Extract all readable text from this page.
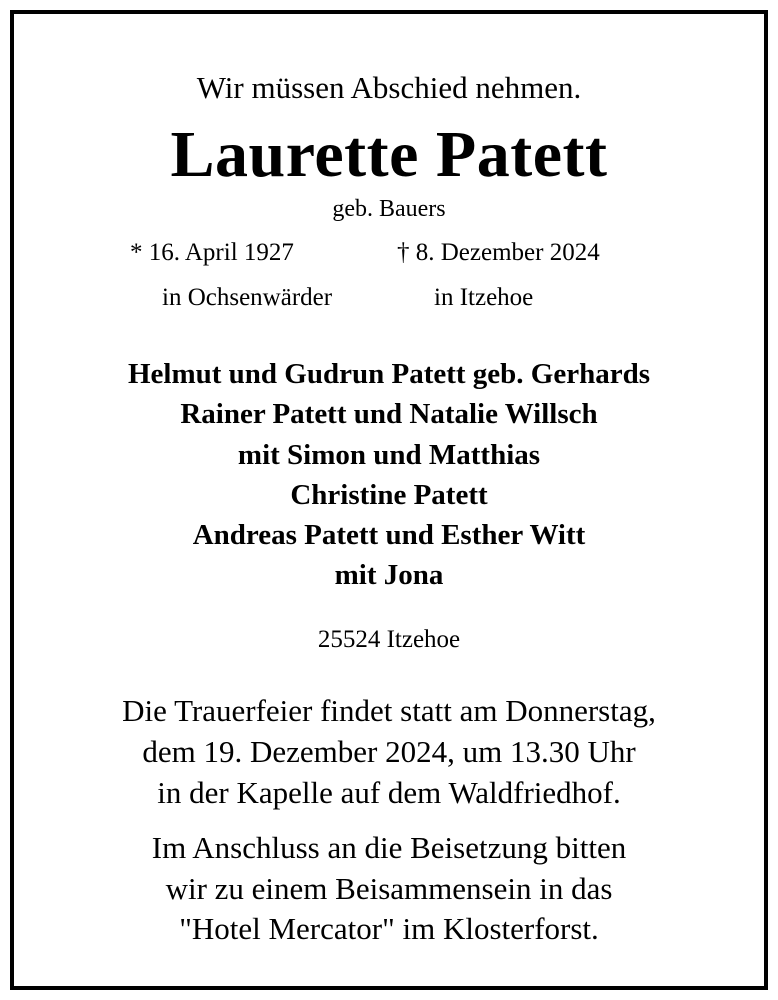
Wir müssen Abschied nehmen.
Laurette Patett
geb. Bauers
* 16. April 1927	† 8. Dezember 2024
in Ochsenwärder	in Itzehoe
Helmut und Gudrun Patett geb. Gerhards
Rainer Patett und Natalie Willsch
mit Simon und Matthias
Christine Patett
Andreas Patett und Esther Witt
mit Jona
25524 Itzehoe
Die Trauerfeier findet statt am Donnerstag,
dem 19. Dezember 2024, um 13.30 Uhr
in der Kapelle auf dem Waldfriedhof.
Im Anschluss an die Beisetzung bitten
wir zu einem Beisammensein in das
"Hotel Mercator" im Klosterforst.
